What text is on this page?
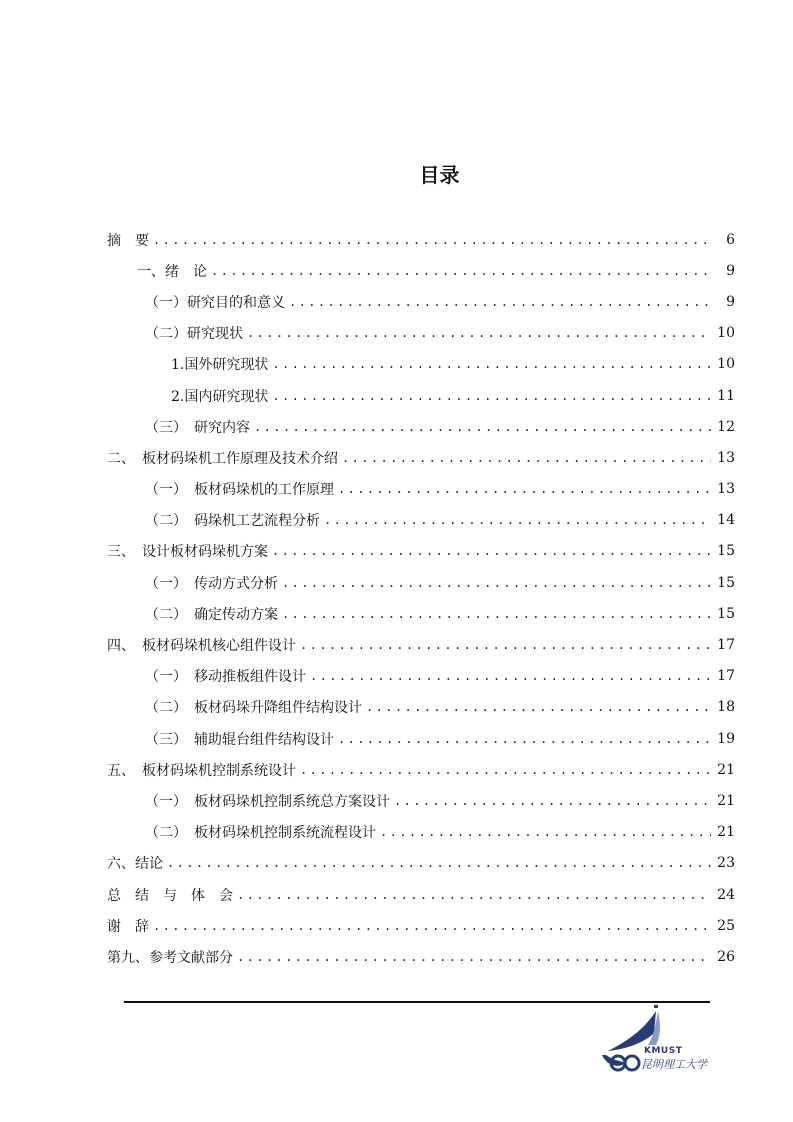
目录
摘　要 .....	6
一、绪　论 .....	9
（一）研究目的和意义 .....	9
（二）研究现状 .....	10
1.国外研究现状 .....	10
2.国内研究现状 .....	11
（三）　研究内容 .....	12
二、　板材码垛机工作原理及技术介绍 .....	13
（一）　板材码垛机的工作原理 .....	13
（二）　码垛机工艺流程分析 .....	14
三、　设计板材码垛机方案 .....	15
（一）　传动方式分析 .....	15
（二）　确定传动方案 .....	15
四、　板材码垛机核心组件设计 .....	17
（一）　移动推板组件设计 .....	17
（二）　板材码垛升降组件结构设计 .....	18
（三）　辅助辊台组件结构设计 .....	19
五、　板材码垛机控制系统设计 .....	21
（一）　板材码垛机控制系统总方案设计 .....	21
（二）　板材码垛机控制系统流程设计 .....	21
六、结论 .....	23
总　结　与　体　会 .....	24
谢　辞 .....	25
第九、参考文献部分 .....	26
KMUST
昆明理工大学
